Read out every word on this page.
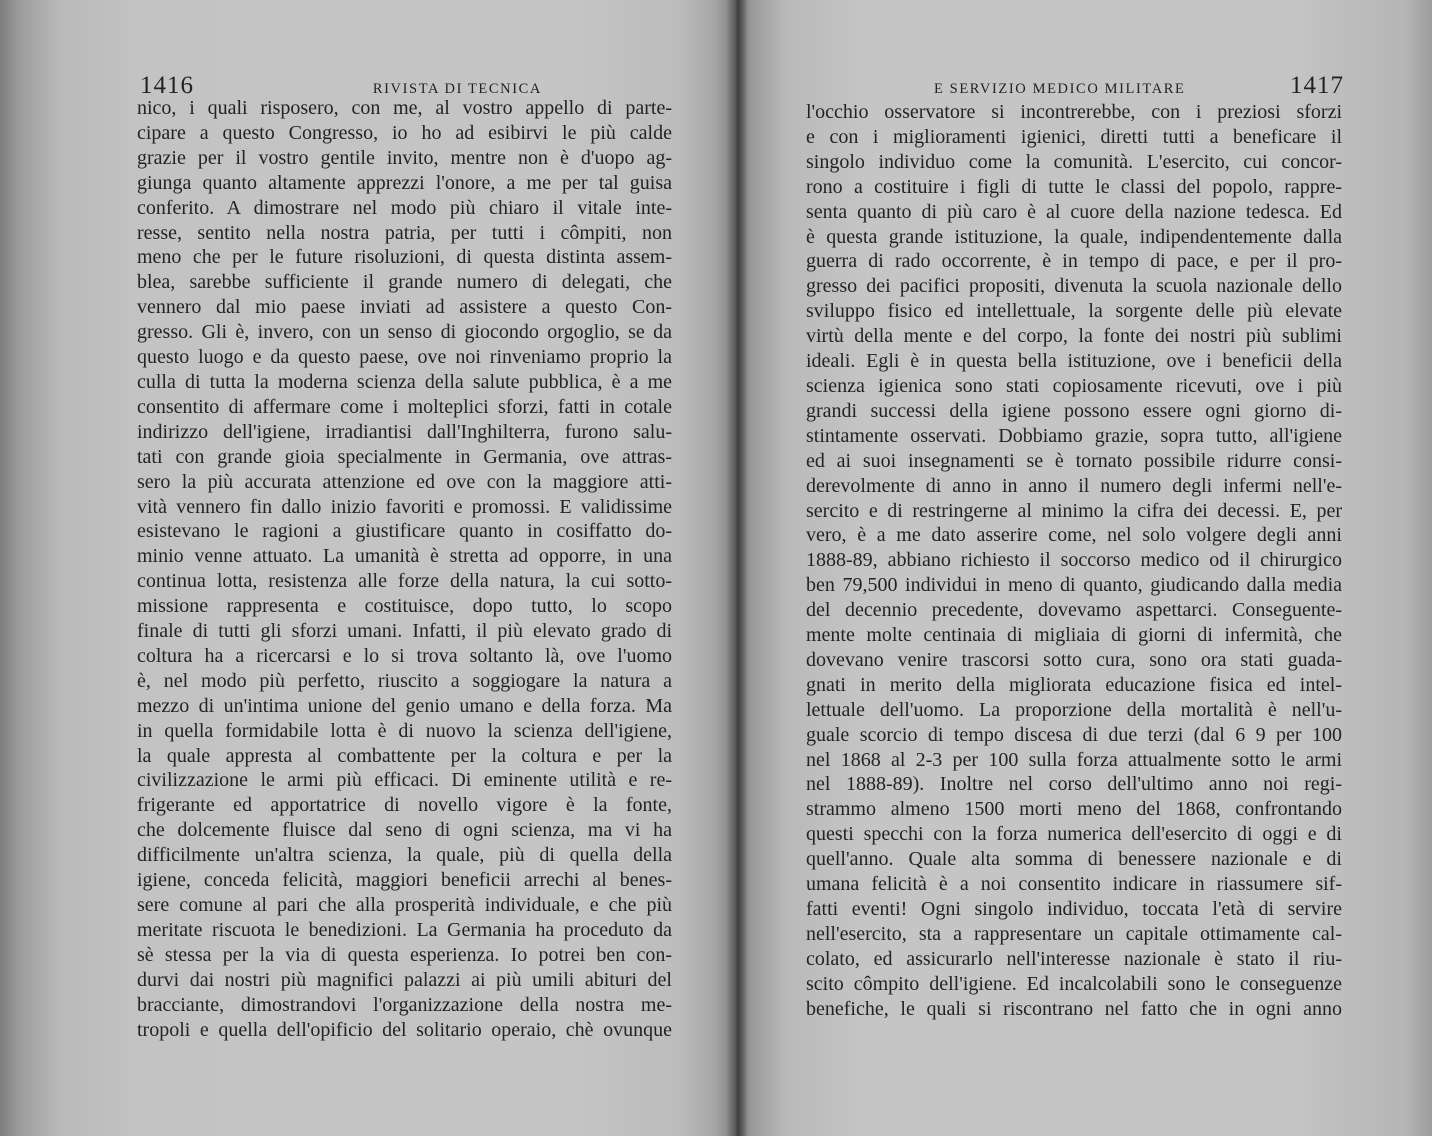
1416	RIVISTA DI TECNICA
nico, i quali risposero, con me, al vostro appello di parte-
cipare a questo Congresso, io ho ad esibirvi le più calde
grazie per il vostro gentile invito, mentre non è d'uopo ag-
giunga quanto altamente apprezzi l'onore, a me per tal guisa
conferito. A dimostrare nel modo più chiaro il vitale inte-
resse, sentito nella nostra patria, per tutti i cômpiti, non
meno che per le future risoluzioni, di questa distinta assem-
blea, sarebbe sufficiente il grande numero di delegati, che
vennero dal mio paese inviati ad assistere a questo Con-
gresso. Gli è, invero, con un senso di giocondo orgoglio, se da
questo luogo e da questo paese, ove noi rinveniamo proprio la
culla di tutta la moderna scienza della salute pubblica, è a me
consentito di affermare come i molteplici sforzi, fatti in cotale
indirizzo dell'igiene, irradiantisi dall'Inghilterra, furono salu-
tati con grande gioia specialmente in Germania, ove attras-
sero la più accurata attenzione ed ove con la maggiore atti-
vità vennero fin dallo inizio favoriti e promossi. E validissime
esistevano le ragioni a giustificare quanto in cosiffatto do-
minio venne attuato. La umanità è stretta ad opporre, in una
continua lotta, resistenza alle forze della natura, la cui sotto-
missione rappresenta e costituisce, dopo tutto, lo scopo
finale di tutti gli sforzi umani. Infatti, il più elevato grado di
coltura ha a ricercarsi e lo si trova soltanto là, ove l'uomo
è, nel modo più perfetto, riuscito a soggiogare la natura a
mezzo di un'intima unione del genio umano e della forza. Ma
in quella formidabile lotta è di nuovo la scienza dell'igiene,
la quale appresta al combattente per la coltura e per la
civilizzazione le armi più efficaci. Di eminente utilità e re-
frigerante ed apportatrice di novello vigore è la fonte,
che dolcemente fluisce dal seno di ogni scienza, ma vi ha
difficilmente un'altra scienza, la quale, più di quella della
igiene, conceda felicità, maggiori beneficii arrechi al benes-
sere comune al pari che alla prosperità individuale, e che più
meritate riscuota le benedizioni. La Germania ha proceduto da
sè stessa per la via di questa esperienza. Io potrei ben con-
durvi dai nostri più magnifici palazzi ai più umili abituri del
bracciante, dimostrandovi l'organizzazione della nostra me-
tropoli e quella dell'opificio del solitario operaio, chè ovunque
E SERVIZIO MEDICO MILITARE	1417
l'occhio osservatore si incontrerebbe, con i preziosi sforzi
e con i miglioramenti igienici, diretti tutti a beneficare il
singolo individuo come la comunità. L'esercito, cui concor-
rono a costituire i figli di tutte le classi del popolo, rappre-
senta quanto di più caro è al cuore della nazione tedesca. Ed
è questa grande istituzione, la quale, indipendentemente dalla
guerra di rado occorrente, è in tempo di pace, e per il pro-
gresso dei pacifici propositi, divenuta la scuola nazionale dello
sviluppo fisico ed intellettuale, la sorgente delle più elevate
virtù della mente e del corpo, la fonte dei nostri più sublimi
ideali. Egli è in questa bella istituzione, ove i beneficii della
scienza igienica sono stati copiosamente ricevuti, ove i più
grandi successi della igiene possono essere ogni giorno di-
stintamente osservati. Dobbiamo grazie, sopra tutto, all'igiene
ed ai suoi insegnamenti se è tornato possibile ridurre consi-
derevolmente di anno in anno il numero degli infermi nell'e-
sercito e di restringerne al minimo la cifra dei decessi. E, per
vero, è a me dato asserire come, nel solo volgere degli anni
1888-89, abbiano richiesto il soccorso medico od il chirurgico
ben 79,500 individui in meno di quanto, giudicando dalla media
del decennio precedente, dovevamo aspettarci. Conseguente-
mente molte centinaia di migliaia di giorni di infermità, che
dovevano venire trascorsi sotto cura, sono ora stati guada-
gnati in merito della migliorata educazione fisica ed intel-
lettuale dell'uomo. La proporzione della mortalità è nell'u-
guale scorcio di tempo discesa di due terzi (dal 6 9 per 100
nel 1868 al 2-3 per 100 sulla forza attualmente sotto le armi
nel 1888-89). Inoltre nel corso dell'ultimo anno noi regi-
strammo almeno 1500 morti meno del 1868, confrontando
questi specchi con la forza numerica dell'esercito di oggi e di
quell'anno. Quale alta somma di benessere nazionale e di
umana felicità è a noi consentito indicare in riassumere sif-
fatti eventi! Ogni singolo individuo, toccata l'età di servire
nell'esercito, sta a rappresentare un capitale ottimamente cal-
colato, ed assicurarlo nell'interesse nazionale è stato il riu-
scito cômpito dell'igiene. Ed incalcolabili sono le conseguenze
benefiche, le quali si riscontrano nel fatto che in ogni anno
